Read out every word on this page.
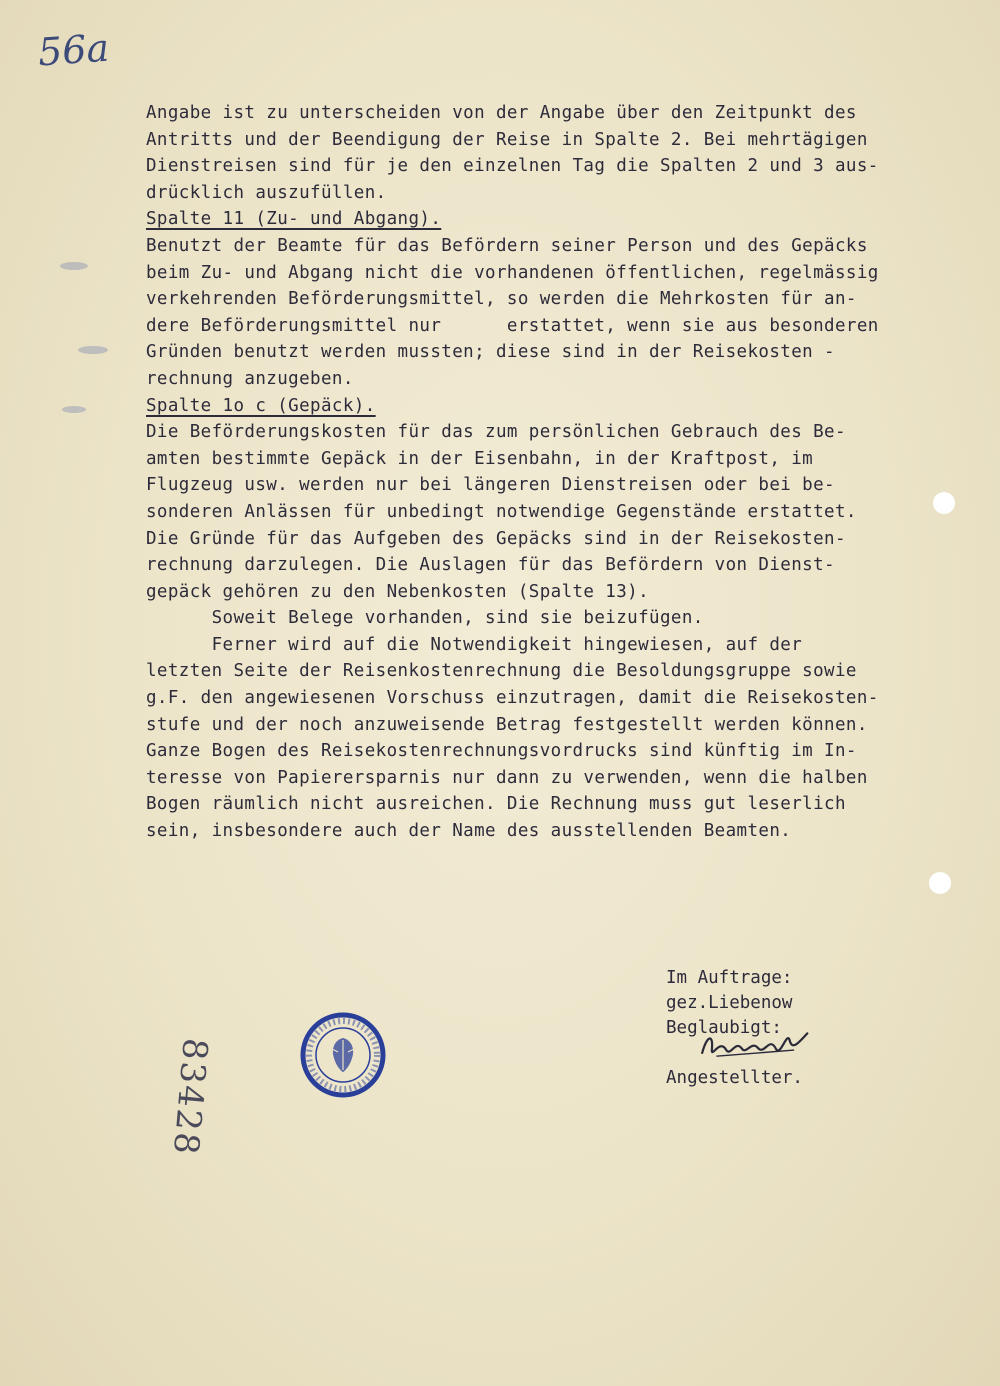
56a
Angabe ist zu unterscheiden von der Angabe über den Zeitpunkt des
Antritts und der Beendigung der Reise in Spalte 2. Bei mehrtägigen
Dienstreisen sind für je den einzelnen Tag die Spalten 2 und 3 aus-
drücklich auszufüllen.
Spalte 11 (Zu- und Abgang).
Benutzt der Beamte für das Befördern seiner Person und des Gepäcks
beim Zu- und Abgang nicht die vorhandenen öffentlichen, regelmässig
verkehrenden Beförderungsmittel, so werden die Mehrkosten für an-
dere Beförderungsmittel nur      erstattet, wenn sie aus besonderen
Gründen benutzt werden mussten; diese sind in der Reisekosten -
rechnung anzugeben.
Spalte 1o c (Gepäck).
Die Beförderungskosten für das zum persönlichen Gebrauch des Be-
amten bestimmte Gepäck in der Eisenbahn, in der Kraftpost, im
Flugzeug usw. werden nur bei längeren Dienstreisen oder bei be-
sonderen Anlässen für unbedingt notwendige Gegenstände erstattet.
Die Gründe für das Aufgeben des Gepäcks sind in der Reisekosten-
rechnung darzulegen. Die Auslagen für das Befördern von Dienst-
gepäck gehören zu den Nebenkosten (Spalte 13).
Soweit Belege vorhanden, sind sie beizufügen.
Ferner wird auf die Notwendigkeit hingewiesen, auf der
letzten Seite der Reisenkostenrechnung die Besoldungsgruppe sowie
g.F. den angewiesenen Vorschuss einzutragen, damit die Reisekosten-
stufe und der noch anzuweisende Betrag festgestellt werden können.
Ganze Bogen des Reisekostenrechnungsvordrucks sind künftig im In-
teresse von Papierersparnis nur dann zu verwenden, wenn die halben
Bogen räumlich nicht ausreichen. Die Rechnung muss gut leserlich
sein, insbesondere auch der Name des ausstellenden Beamten.
Im Auftrage:
gez.Liebenow
Beglaubigt:
Angestellter.
83428
